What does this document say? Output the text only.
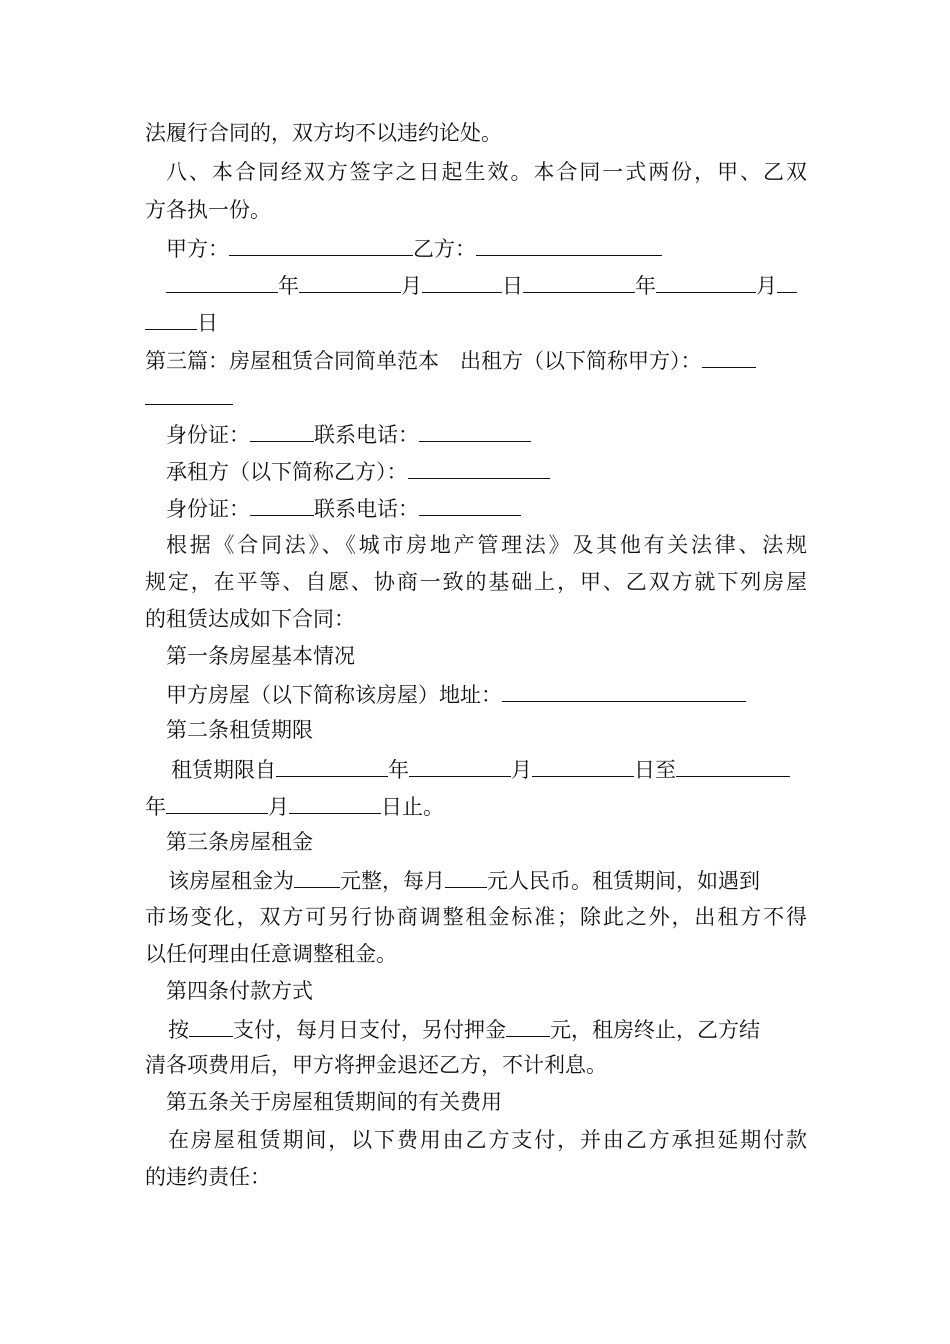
法履行合同的，双方均不以违约论处。
八、本合同经双方签字之日起生效。本合同一式两份，甲、乙双
方各执一份。
甲方：	乙方：
年	月	日	年	月
日
第三篇：房屋租赁合同简单范本　出租方（以下简称甲方）：
身份证：	联系电话：
承租方（以下简称乙方）：
身份证：	联系电话：
根据《合同法》、《城市房地产管理法》及其他有关法律、法规
规定，在平等、自愿、协商一致的基础上，甲、乙双方就下列房屋
的租赁达成如下合同：
第一条房屋基本情况
甲方房屋（以下简称该房屋）地址：
第二条租赁期限
租赁期限自	年	月	日至
年	月	日止。
第三条房屋租金
该房屋租金为 元整，每月 元人民币。租赁期间，如遇到
市场变化，双方可另行协商调整租金标准；除此之外，出租方不得
以任何理由任意调整租金。
第四条付款方式
按 支付，每月日支付，另付押金 元，租房终止，乙方结
清各项费用后，甲方将押金退还乙方，不计利息。
第五条关于房屋租赁期间的有关费用
在房屋租赁期间，以下费用由乙方支付，并由乙方承担延期付款
的违约责任：
